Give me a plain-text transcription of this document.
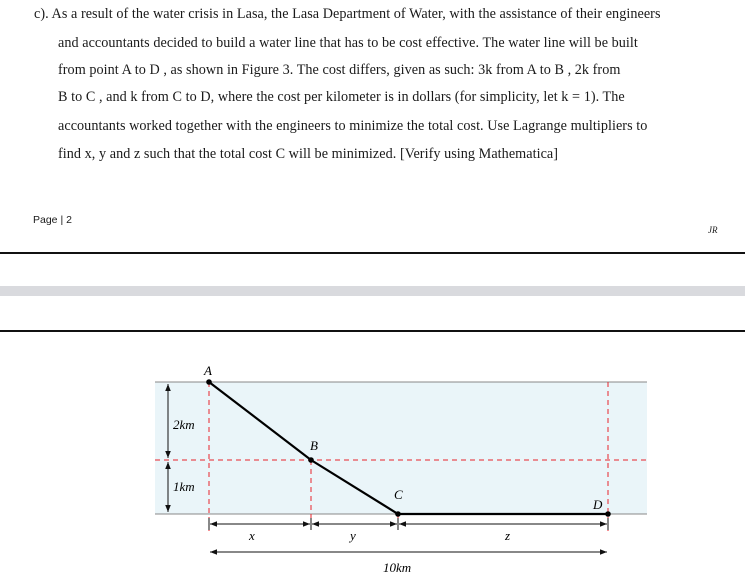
c). As a result of the water crisis in Lasa, the Lasa Department of Water, with the assistance of their engineers
and accountants decided to build a water line that has to be cost effective. The water line will be built
from point A to D , as shown in Figure 3. The cost differs, given as such: 3k from A to B , 2k from
B to C , and k from C to D, where the cost per kilometer is in dollars (for simplicity, let k = 1). The
accountants worked together with the engineers to minimize the total cost. Use Lagrange multipliers to
find x, y and z such that the total cost C will be minimized. [Verify using Mathematica]
Page | 2
JR
2km
1km
A
B
C
D
x	y	z
10km
